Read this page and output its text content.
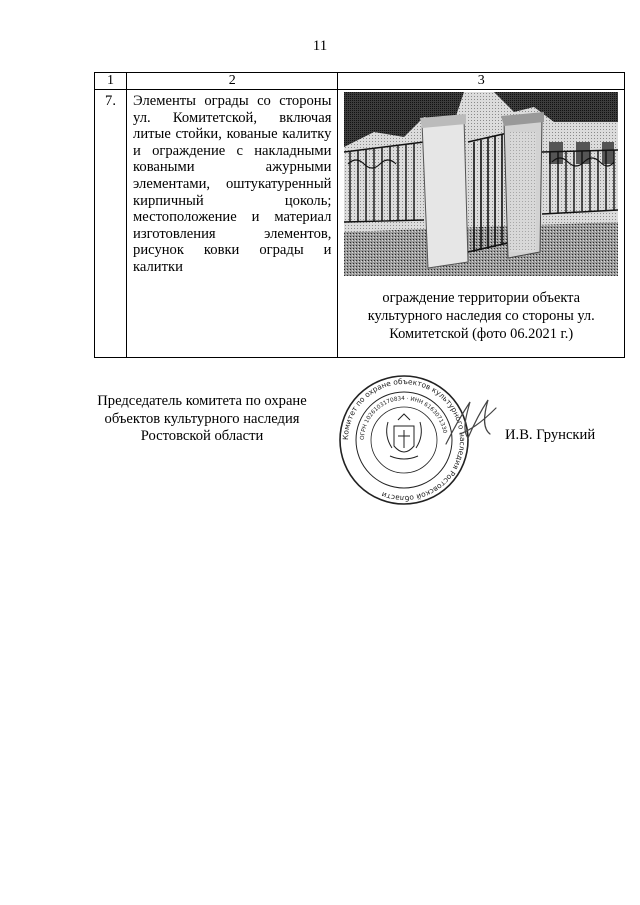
11
1	2	3
7.	Элементы ограды со стороны ул. Комитетской, включая литые стойки, кованые калитку и ограждение с накладными коваными ажурными элементами, оштукатуренный кирпичный цоколь; местоположение и материал изготовления элементов, рисунок ковки ограды и калитки	ограждение территории объекта культурного наследия со стороны ул. Комитетской (фото 06.2021 г.)
Председатель комитета по охране объектов культурного наследия Ростовской области	Комитет по охране объектов культурного наследия Ростовской области
ОГРН 1026103170834 · ИНН 6163071330	И.В. Грунский
